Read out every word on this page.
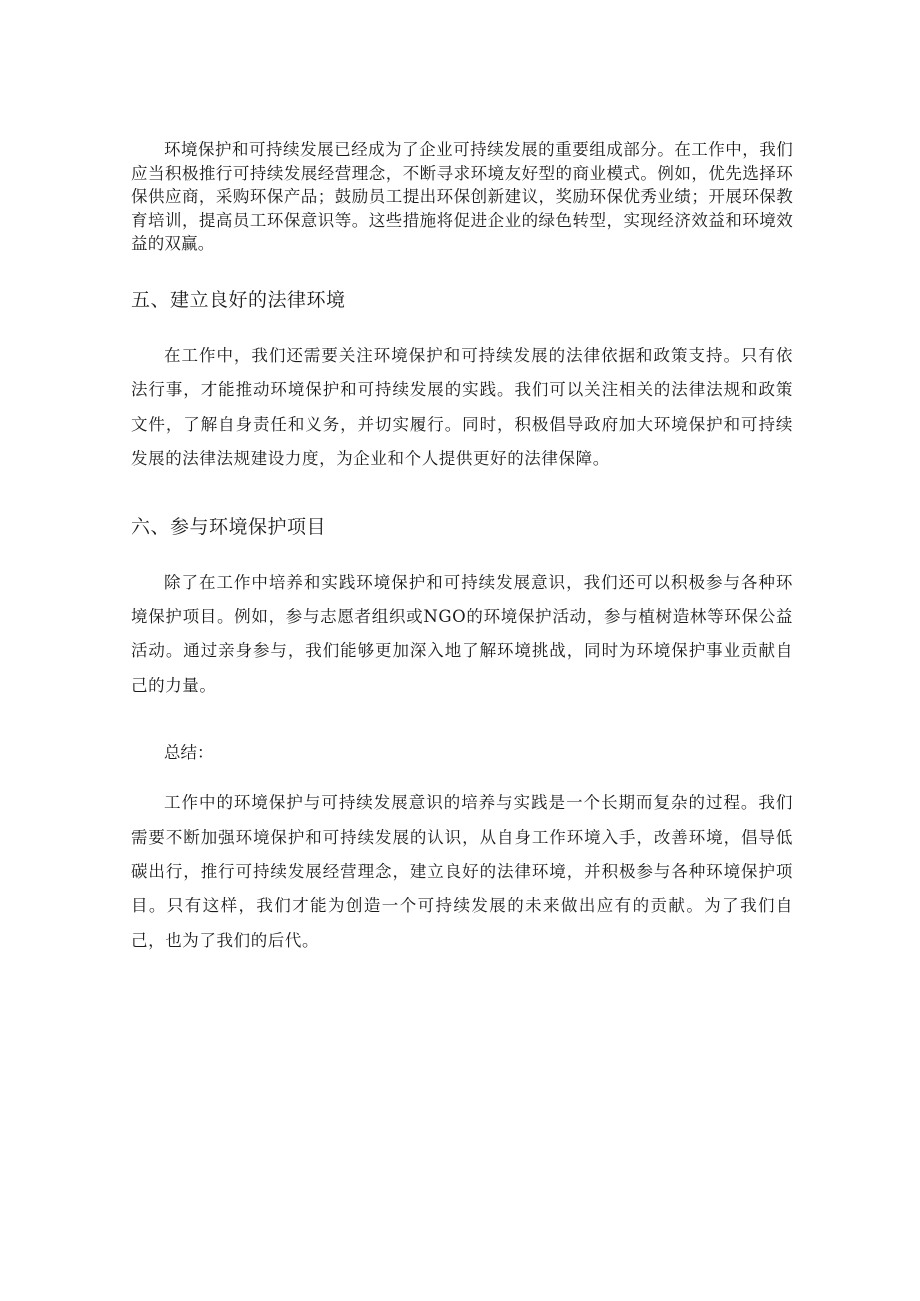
环境保护和可持续发展已经成为了企业可持续发展的重要组成部分。在工作中，我们应当积极推行可持续发展经营理念，不断寻求环境友好型的商业模式。例如，优先选择环保供应商，采购环保产品；鼓励员工提出环保创新建议，奖励环保优秀业绩；开展环保教育培训，提高员工环保意识等。这些措施将促进企业的绿色转型，实现经济效益和环境效益的双赢。

五、建立良好的法律环境

在工作中，我们还需要关注环境保护和可持续发展的法律依据和政策支持。只有依法行事，才能推动环境保护和可持续发展的实践。我们可以关注相关的法律法规和政策文件，了解自身责任和义务，并切实履行。同时，积极倡导政府加大环境保护和可持续发展的法律法规建设力度，为企业和个人提供更好的法律保障。

六、参与环境保护项目

除了在工作中培养和实践环境保护和可持续发展意识，我们还可以积极参与各种环境保护项目。例如，参与志愿者组织或NGO的环境保护活动，参与植树造林等环保公益活动。通过亲身参与，我们能够更加深入地了解环境挑战，同时为环境保护事业贡献自己的力量。

总结：

工作中的环境保护与可持续发展意识的培养与实践是一个长期而复杂的过程。我们需要不断加强环境保护和可持续发展的认识，从自身工作环境入手，改善环境，倡导低碳出行，推行可持续发展经营理念，建立良好的法律环境，并积极参与各种环境保护项目。只有这样，我们才能为创造一个可持续发展的未来做出应有的贡献。为了我们自己，也为了我们的后代。
